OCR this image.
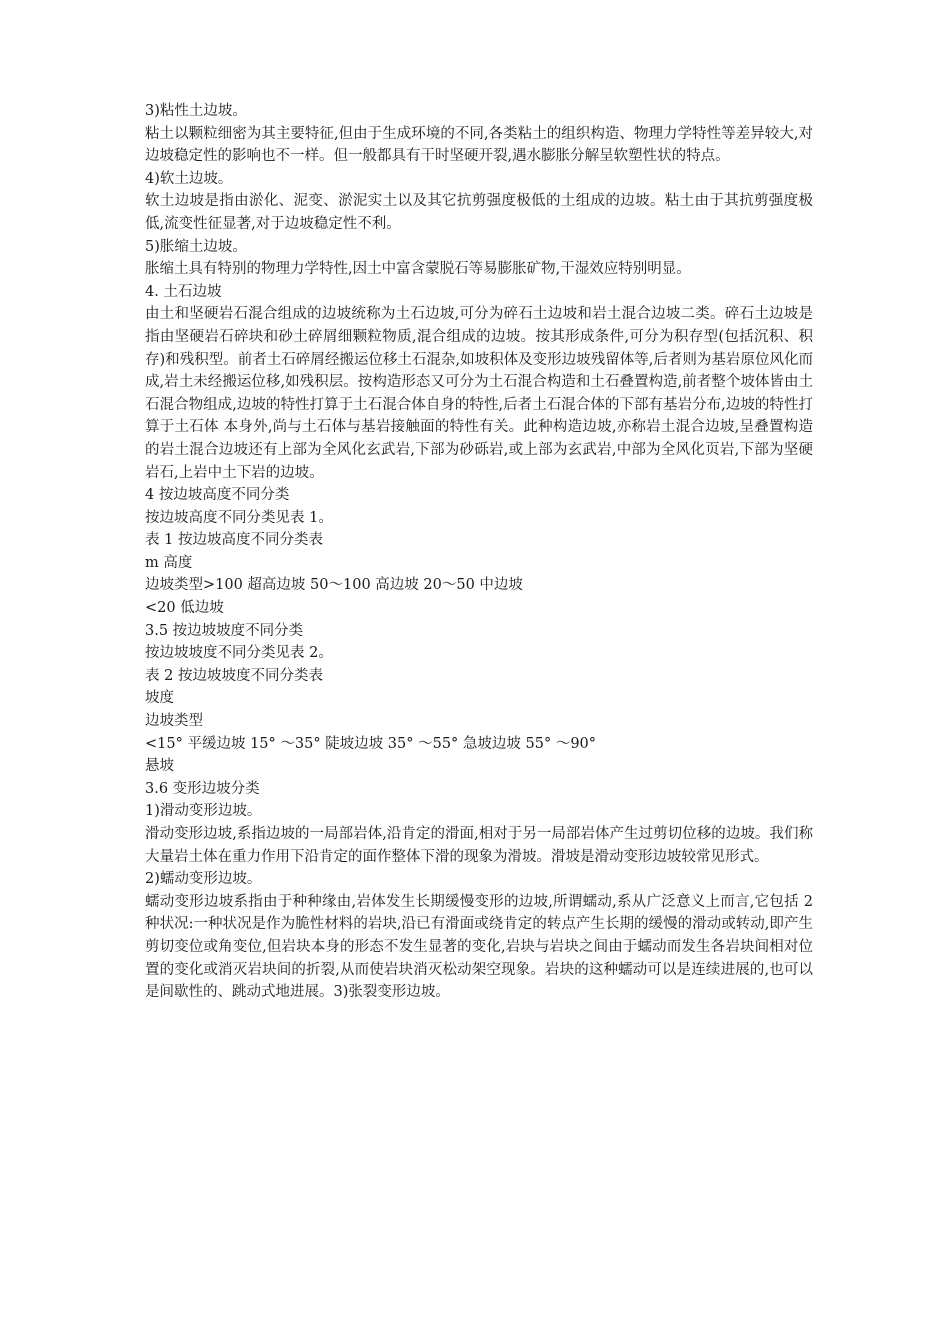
3)粘性土边坡。
粘土以颗粒细密为其主要特征,但由于生成环境的不同,各类粘土的组织构造、物理力学特性等差异较大,对边坡稳定性的影响也不一样。但一般都具有干时坚硬开裂,遇水膨胀分解呈软塑性状的特点。
4)软土边坡。
软土边坡是指由淤化、泥变、淤泥实土以及其它抗剪强度极低的土组成的边坡。粘土由于其抗剪强度极低,流变性征显著,对于边坡稳定性不利。
5)胀缩土边坡。
胀缩土具有特别的物理力学特性,因土中富含蒙脱石等易膨胀矿物,干湿效应特别明显。
4. 土石边坡
由土和坚硬岩石混合组成的边坡统称为土石边坡,可分为碎石土边坡和岩土混合边坡二类。碎石土边坡是指由坚硬岩石碎块和砂土碎屑细颗粒物质,混合组成的边坡。按其形成条件,可分为积存型(包括沉积、积存)和残积型。前者土石碎屑经搬运位移土石混杂,如坡积体及变形边坡残留体等,后者则为基岩原位风化而成,岩土未经搬运位移,如残积层。按构造形态又可分为土石混合构造和土石叠置构造,前者整个坡体皆由土石混合物组成,边坡的特性打算于土石混合体自身的特性,后者土石混合体的下部有基岩分布,边坡的特性打算于土石体 本身外,尚与土石体与基岩接触面的特性有关。此种构造边坡,亦称岩土混合边坡,呈叠置构造的岩土混合边坡还有上部为全风化玄武岩,下部为砂砾岩,或上部为玄武岩,中部为全风化页岩,下部为坚硬岩石,上岩中土下岩的边坡。
4 按边坡高度不同分类
按边坡高度不同分类见表 1。
表 1 按边坡高度不同分类表
m 高度
边坡类型>100 超高边坡 50～100 高边坡 20～50 中边坡
<20 低边坡
3.5 按边坡坡度不同分类
按边坡坡度不同分类见表 2。
表 2 按边坡坡度不同分类表
坡度
边坡类型
<15° 平缓边坡 15° ～35° 陡坡边坡 35° ～55° 急坡边坡 55° ～90°
悬坡
3.6 变形边坡分类
1)滑动变形边坡。
滑动变形边坡,系指边坡的一局部岩体,沿肯定的滑面,相对于另一局部岩体产生过剪切位移的边坡。我们称大量岩土体在重力作用下沿肯定的面作整体下滑的现象为滑坡。滑坡是滑动变形边坡较常见形式。
2)蠕动变形边坡。
蠕动变形边坡系指由于种种缘由,岩体发生长期缓慢变形的边坡,所谓蠕动,系从广泛意义上而言,它包括 2 种状况:一种状况是作为脆性材料的岩块,沿已有滑面或绕肯定的转点产生长期的缓慢的滑动或转动,即产生剪切变位或角变位,但岩块本身的形态不发生显著的变化,岩块与岩块之间由于蠕动而发生各岩块间相对位置的变化或消灭岩块间的折裂,从而使岩块消灭松动架空现象。岩块的这种蠕动可以是连续进展的,也可以是间歇性的、跳动式地进展。3)张裂变形边坡。
